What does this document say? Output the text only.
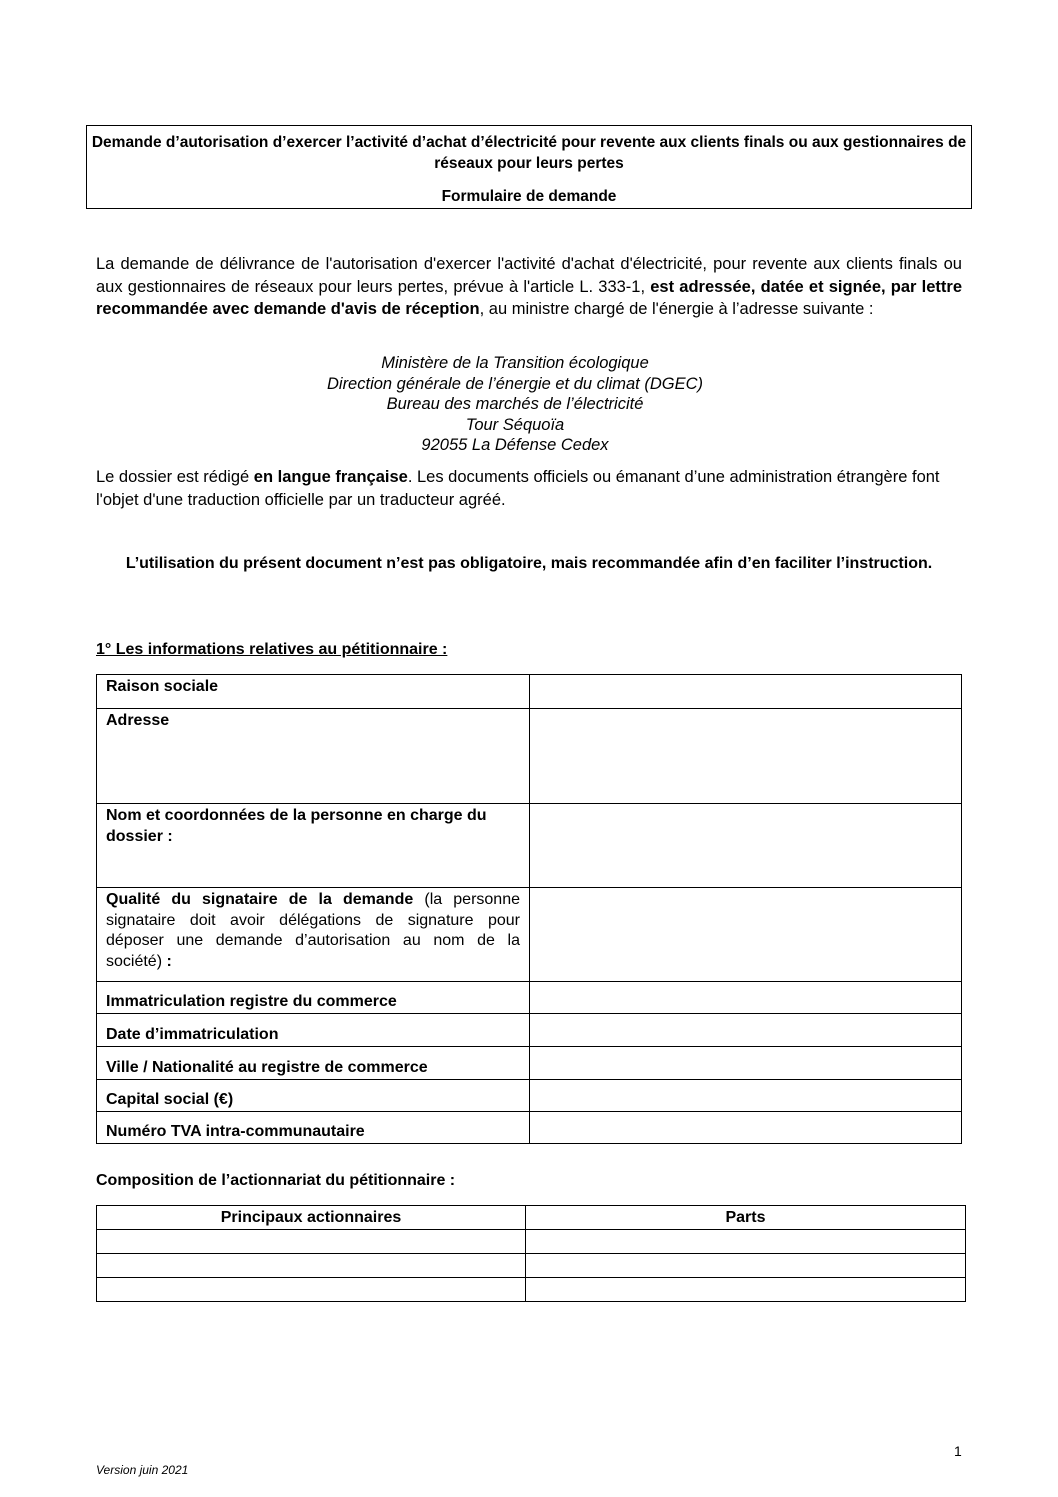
Demande d’autorisation d’exercer l’activité d’achat d’électricité pour revente aux clients finals ou aux gestionnaires de réseaux pour leurs pertes
Formulaire de demande
La demande de délivrance de l'autorisation d'exercer l'activité d'achat d'électricité, pour revente aux clients finals ou aux gestionnaires de réseaux pour leurs pertes, prévue à l'article L. 333-1, est adressée, datée et signée, par lettre recommandée avec demande d'avis de réception, au ministre chargé de l'énergie à l’adresse suivante :
Ministère de la Transition écologique
Direction générale de l’énergie et du climat (DGEC)
Bureau des marchés de l’électricité
Tour Séquoïa
92055 La Défense Cedex
Le dossier est rédigé en langue française. Les documents officiels ou émanant d’une administration étrangère font l'objet d'une traduction officielle par un traducteur agréé.
L’utilisation du présent document n’est pas obligatoire, mais recommandée afin d’en faciliter l’instruction.
1° Les informations relatives au pétitionnaire :
Raison sociale	
Adresse	
Nom et coordonnées de la personne en charge du dossier :	
Qualité du signataire de la demande (la personne signataire doit avoir délégations de signature pour déposer une demande d’autorisation au nom de la société) :	
Immatriculation registre du commerce	
Date d’immatriculation	
Ville / Nationalité au registre de commerce	
Capital social (€)	
Numéro TVA intra-communautaire	
Composition de l’actionnariat du pétitionnaire :
Principaux actionnaires	Parts

1
Version juin 2021
